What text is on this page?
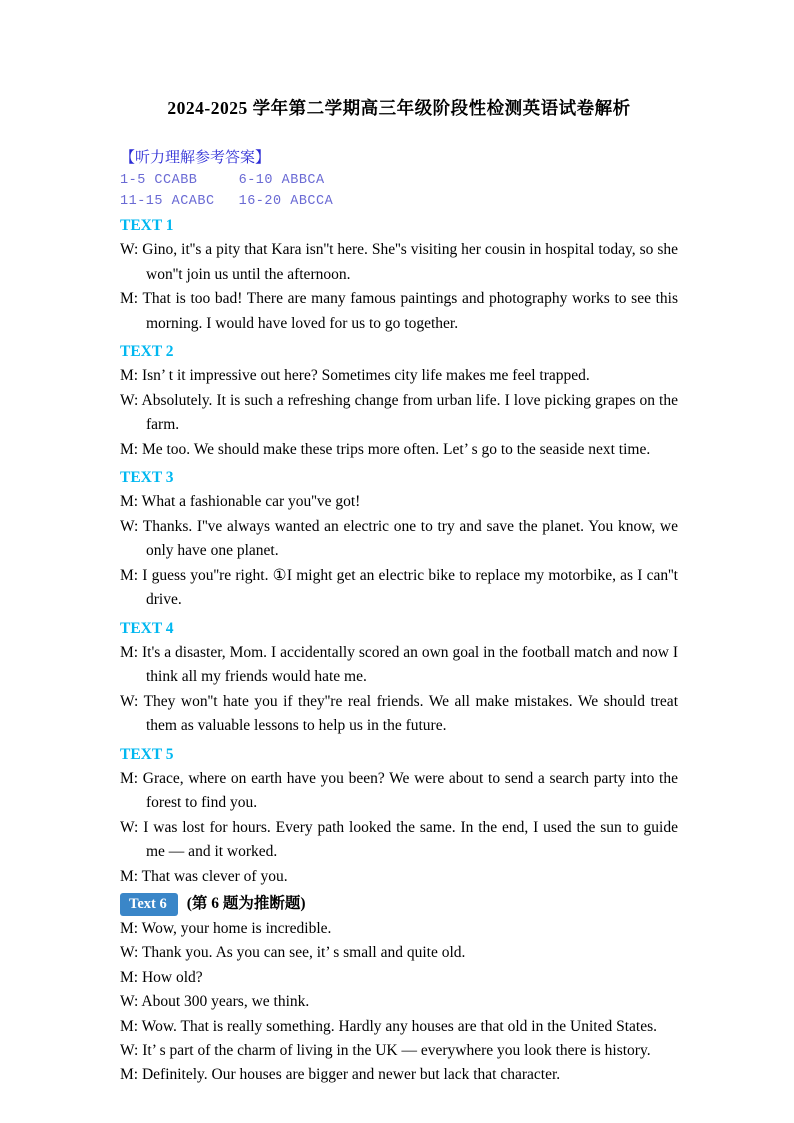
2024-2025 学年第二学期高三年级阶段性检测英语试卷解析

【听力理解参考答案】

1-5 CCABB	6-10 ABBCA

11-15 ACABC 16-20 ABCCA

TEXT 1

W: Gino, it''s a pity that Kara isn''t here. She''s visiting her cousin in hospital today, so she won''t join us until the afternoon.

M: That is too bad! There are many famous paintings and photography works to see this morning. I would have loved for us to go together.

TEXT 2

M: Isn’ t it impressive out here? Sometimes city life makes me feel trapped.

W: Absolutely. It is such a refreshing change from urban life. I love picking grapes on the farm.

M: Me too. We should make these trips more often. Let’ s go to the seaside next time.

TEXT 3

M: What a fashionable car you''ve got!

W: Thanks. I''ve always wanted an electric one to try and save the planet. You know, we only have one planet.

M: I guess you''re right. ①I might get an electric bike to replace my motorbike, as I can''t drive.

TEXT 4

M: It's a disaster, Mom. I accidentally scored an own goal in the football match and now I think all my friends would hate me.

W: They won''t hate you if they''re real friends. We all make mistakes. We should treat them as valuable lessons to help us in the future.

TEXT 5

M: Grace, where on earth have you been? We were about to send a search party into the forest to find you.

W: I was lost for hours. Every path looked the same. In the end, I used the sun to guide me — and it worked.

M: That was clever of you.

Text 6	(第 6 题为推断题)

M: Wow, your home is incredible.

W: Thank you. As you can see, it’ s small and quite old.

M: How old?

W: About 300 years, we think.

M: Wow. That is really something. Hardly any houses are that old in the United States.

W: It’ s part of the charm of living in the UK — everywhere you look there is history.

M: Definitely. Our houses are bigger and newer but lack that character.
